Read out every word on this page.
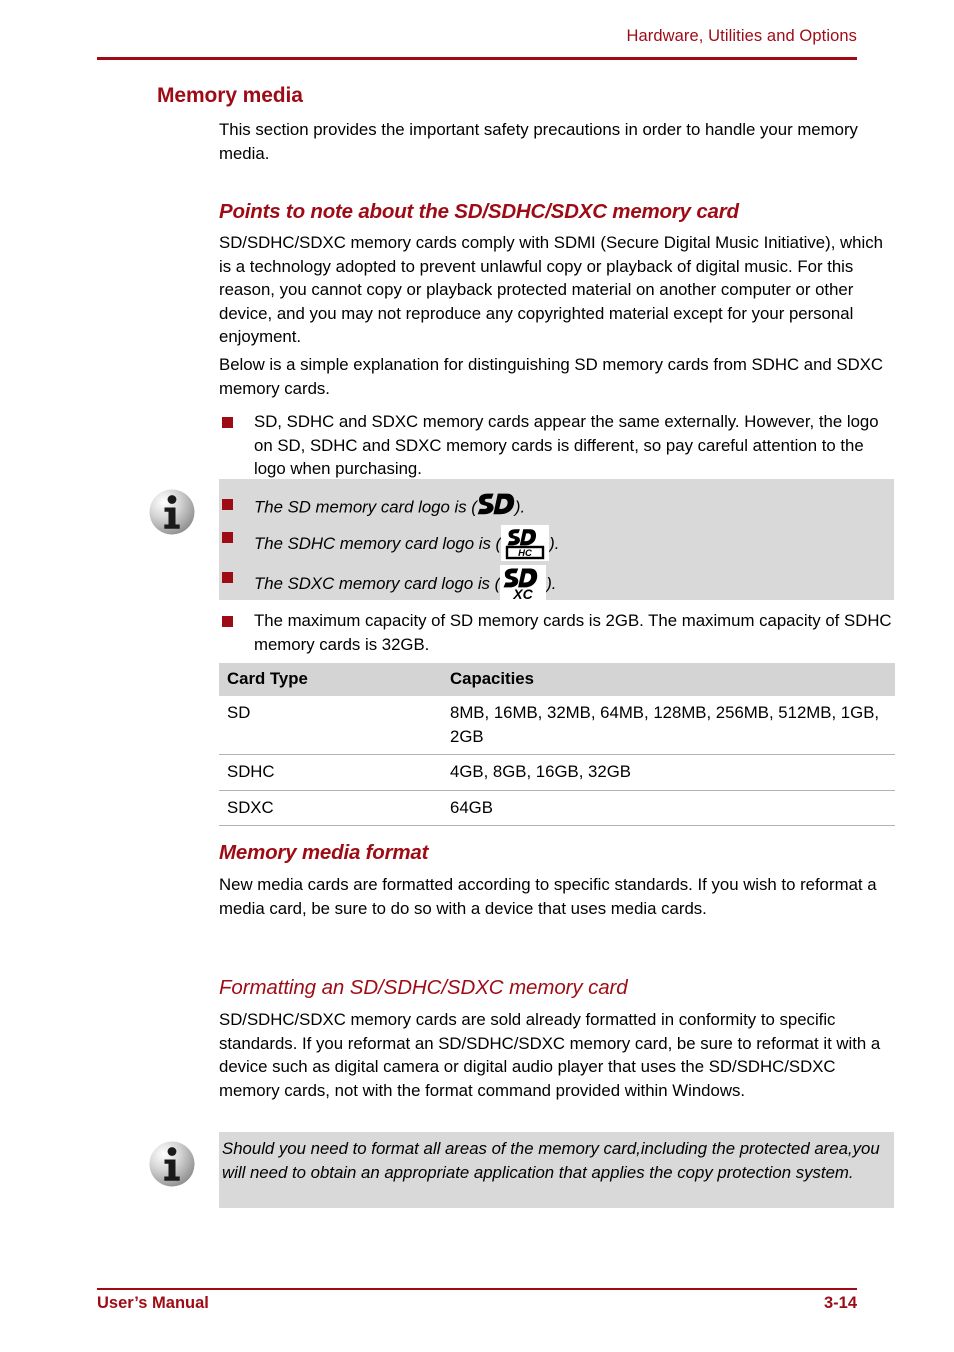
Hardware, Utilities and Options
Memory media
This section provides the important safety precautions in order to handle your memory media.
Points to note about the SD/SDHC/SDXC memory card
SD/SDHC/SDXC memory cards comply with SDMI (Secure Digital Music Initiative), which is a technology adopted to prevent unlawful copy or playback of digital music. For this reason, you cannot copy or playback protected material on another computer or other device, and you may not reproduce any copyrighted material except for your personal enjoyment.
Below is a simple explanation for distinguishing SD memory cards from SDHC and SDXC memory cards.
SD, SDHC and SDXC memory cards appear the same externally. However, the logo on SD, SDHC and SDXC memory cards is different, so pay careful attention to the logo when purchasing.
The SD memory card logo is ( ).
The SDHC memory card logo is (
HC
).
The SDXC memory card logo is (
XC
).
The maximum capacity of SD memory cards is 2GB. The maximum capacity of SDHC memory cards is 32GB.
Card Type	Capacities
SD	8MB, 16MB, 32MB, 64MB, 128MB, 256MB, 512MB, 1GB, 2GB
SDHC	4GB, 8GB, 16GB, 32GB
SDXC	64GB
Memory media format
New media cards are formatted according to specific standards. If you wish to reformat a media card, be sure to do so with a device that uses media cards.
Formatting an SD/SDHC/SDXC memory card
SD/SDHC/SDXC memory cards are sold already formatted in conformity to specific standards. If you reformat an SD/SDHC/SDXC memory card, be sure to reformat it with a device such as digital camera or digital audio player that uses the SD/SDHC/SDXC memory cards, not with the format command provided within Windows.
Should you need to format all areas of the memory card,including the protected area,you will need to obtain an appropriate application that applies the copy protection system.
User’s Manual	3-14
